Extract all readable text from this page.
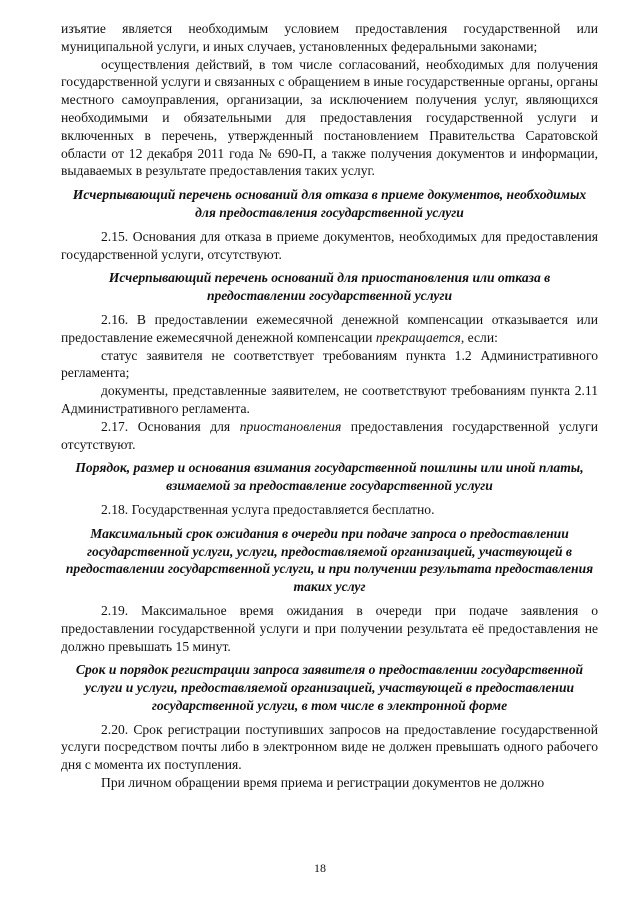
изъятие является необходимым условием предоставления государственной или муниципальной услуги, и иных случаев, установленных федеральными законами;

осуществления действий, в том числе согласований, необходимых для получения государственной услуги и связанных с обращением в иные государственные органы, органы местного самоуправления, организации, за исключением получения услуг, являющихся необходимыми и обязательными для предоставления государственной услуги и включенных в перечень, утвержденный постановлением Правительства Саратовской области от 12 декабря 2011 года № 690-П, а также получения документов и информации, выдаваемых в результате предоставления таких услуг.

Исчерпывающий перечень оснований для отказа в приеме документов, необходимых для предоставления государственной услуги

2.15. Основания для отказа в приеме документов, необходимых для предоставления государственной услуги, отсутствуют.

Исчерпывающий перечень оснований для приостановления или отказа в предоставлении государственной услуги

2.16. В предоставлении ежемесячной денежной компенсации отказывается или предоставление ежемесячной денежной компенсации прекращается, если:

статус заявителя не соответствует требованиям пункта 1.2 Административного регламента;

документы, представленные заявителем, не соответствуют требованиям пункта 2.11 Административного регламента.

2.17. Основания для приостановления предоставления государственной услуги отсутствуют.

Порядок, размер и основания взимания государственной пошлины или иной платы, взимаемой за предоставление государственной услуги

2.18. Государственная услуга предоставляется бесплатно.

Максимальный срок ожидания в очереди при подаче запроса о предоставлении государственной услуги, услуги, предоставляемой организацией, участвующей в предоставлении государственной услуги, и при получении результата предоставления таких услуг

2.19. Максимальное время ожидания в очереди при подаче заявления о предоставлении государственной услуги и при получении результата её предоставления не должно превышать 15 минут.

Срок и порядок регистрации запроса заявителя о предоставлении государственной услуги и услуги, предоставляемой организацией, участвующей в предоставлении государственной услуги, в том числе в электронной форме

2.20. Срок регистрации поступивших запросов на предоставление государственной услуги посредством почты либо в электронном виде не должен превышать одного рабочего дня с момента их поступления.

При личном обращении время приема и регистрации документов не должно

18
